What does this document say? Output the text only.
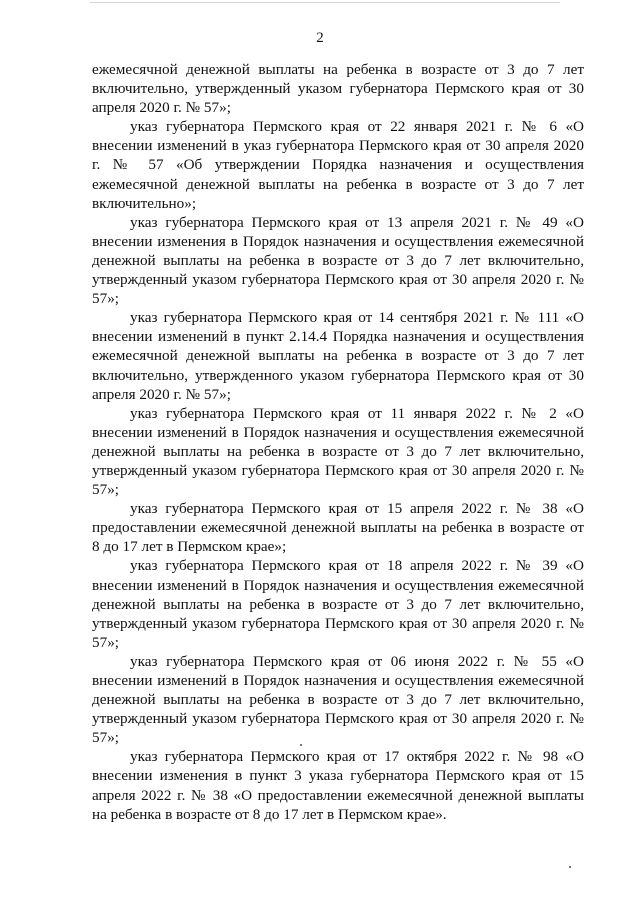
2

ежемесячной денежной выплаты на ребенка в возрасте от 3 до 7 лет включительно, утвержденный указом губернатора Пермского края от 30 апреля 2020 г. № 57»;

указ губернатора Пермского края от 22 января 2021 г. № 6 «О внесении изменений в указ губернатора Пермского края от 30 апреля 2020 г. № 57 «Об утверждении Порядка назначения и осуществления ежемесячной денежной выплаты на ребенка в возрасте от 3 до 7 лет включительно»;

указ губернатора Пермского края от 13 апреля 2021 г. № 49 «О внесении изменения в Порядок назначения и осуществления ежемесячной денежной выплаты на ребенка в возрасте от 3 до 7 лет включительно, утвержденный указом губернатора Пермского края от 30 апреля 2020 г. № 57»;

указ губернатора Пермского края от 14 сентября 2021 г. № 111 «О внесении изменений в пункт 2.14.4 Порядка назначения и осуществления ежемесячной денежной выплаты на ребенка в возрасте от 3 до 7 лет включительно, утвержденного указом губернатора Пермского края от 30 апреля 2020 г. № 57»;

указ губернатора Пермского края от 11 января 2022 г. № 2 «О внесении изменений в Порядок назначения и осуществления ежемесячной денежной выплаты на ребенка в возрасте от 3 до 7 лет включительно, утвержденный указом губернатора Пермского края от 30 апреля 2020 г. № 57»;

указ губернатора Пермского края от 15 апреля 2022 г. № 38 «О предоставлении ежемесячной денежной выплаты на ребенка в возрасте от 8 до 17 лет в Пермском крае»;

указ губернатора Пермского края от 18 апреля 2022 г. № 39 «О внесении изменений в Порядок назначения и осуществления ежемесячной денежной выплаты на ребенка в возрасте от 3 до 7 лет включительно, утвержденный указом губернатора Пермского края от 30 апреля 2020 г. № 57»;

указ губернатора Пермского края от 06 июня 2022 г. № 55 «О внесении изменений в Порядок назначения и осуществления ежемесячной денежной выплаты на ребенка в возрасте от 3 до 7 лет включительно, утвержденный указом губернатора Пермского края от 30 апреля 2020 г. № 57»;

указ губернатора Пермского края от 17 октября 2022 г. № 98 «О внесении изменения в пункт 3 указа губернатора Пермского края от 15 апреля 2022 г. № 38 «О предоставлении ежемесячной денежной выплаты на ребенка в возрасте от 8 до 17 лет в Пермском крае».
